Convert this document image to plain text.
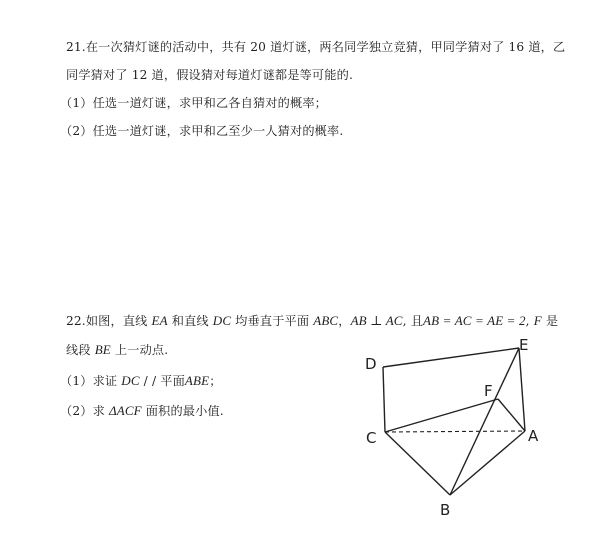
21.在一次猜灯谜的活动中，共有 20 道灯谜，两名同学独立竞猜，甲同学猜对了 16 道，乙
同学猜对了 12 道，假设猜对每道灯谜都是等可能的.
（1）任选一道灯谜，求甲和乙各自猜对的概率；
（2）任选一道灯谜，求甲和乙至少一人猜对的概率.
22.如图，直线 EA 和直线 DC 均垂直于平面 ABC，AB ⊥ AC, 且AB = AC = AE = 2, F 是
线段 BE 上一动点.
（1）求证 DC / / 平面ABE；
（2）求 ΔACF 面积的最小值.
D
E
F
C	A
B
